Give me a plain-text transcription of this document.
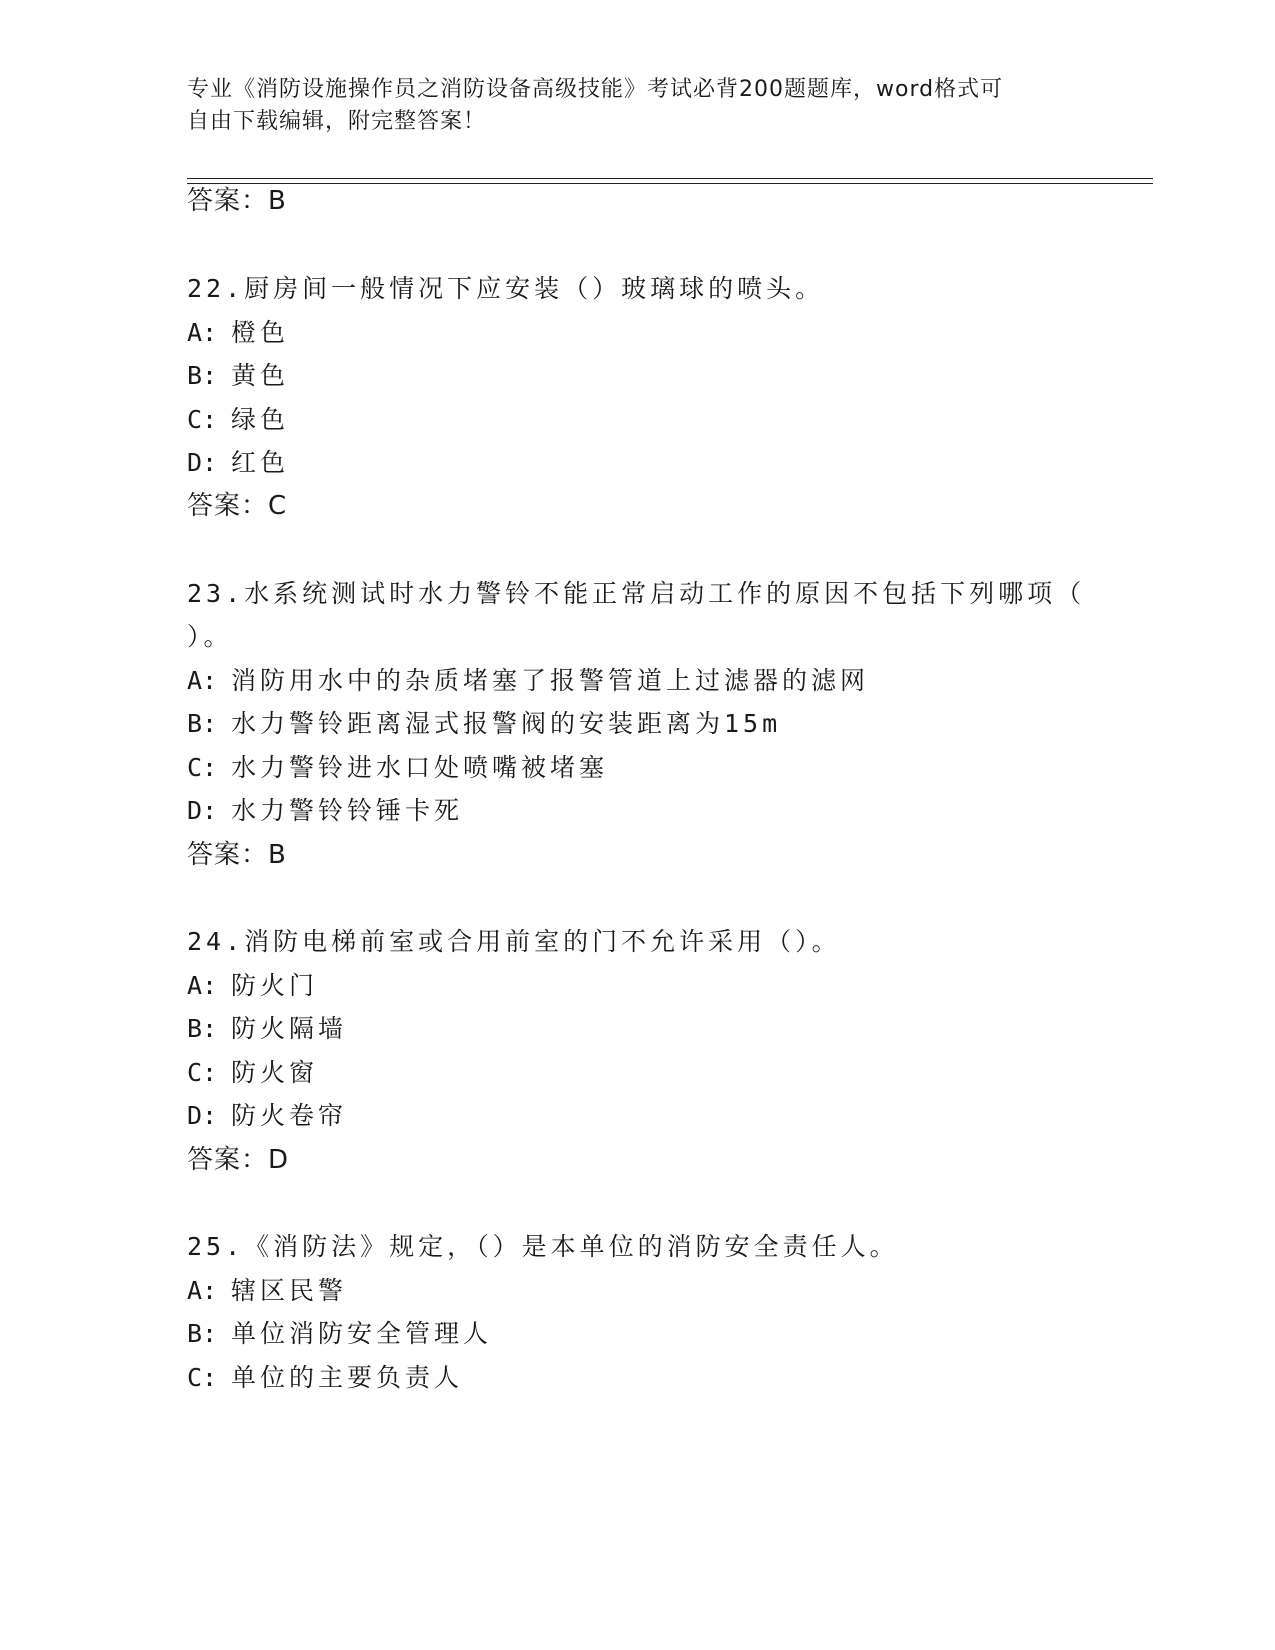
专业《消防设施操作员之消防设备高级技能》考试必背200题题库，word格式可
自由下载编辑，附完整答案！
答案：B
22.厨房间一般情况下应安装（）玻璃球的喷头。
A: 橙色
B: 黄色
C: 绿色
D: 红色
答案：C
23.水系统测试时水力警铃不能正常启动工作的原因不包括下列哪项（
）。
A: 消防用水中的杂质堵塞了报警管道上过滤器的滤网
B: 水力警铃距离湿式报警阀的安装距离为15m
C: 水力警铃进水口处喷嘴被堵塞
D: 水力警铃铃锤卡死
答案：B
24.消防电梯前室或合用前室的门不允许采用（）。
A: 防火门
B: 防火隔墙
C: 防火窗
D: 防火卷帘
答案：D
25.《消防法》规定，（）是本单位的消防安全责任人。
A: 辖区民警
B: 单位消防安全管理人
C: 单位的主要负责人
